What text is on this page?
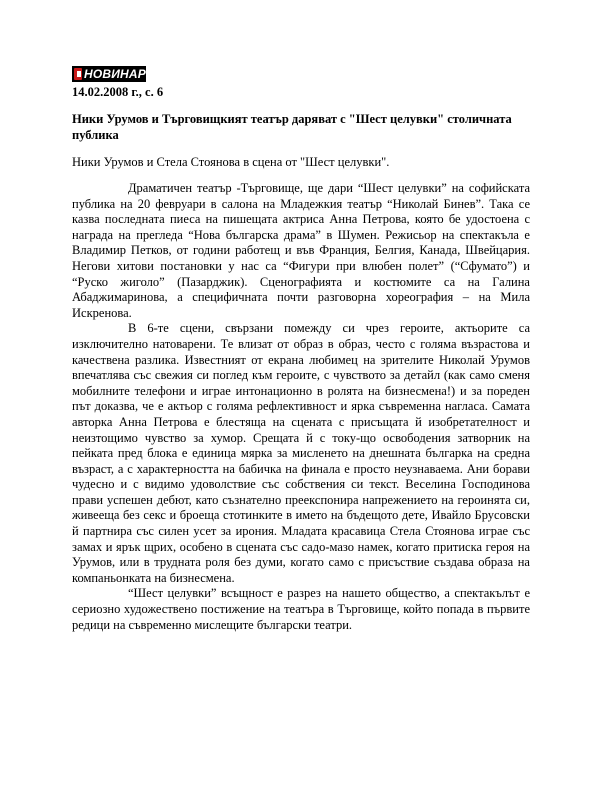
НОВИНАР
14.02.2008 г., с. 6
Ники Урумов и Търговищкият театър даряват с "Шест целувки" столичната публика
Ники Урумов и Стела Стоянова в сцена от "Шест целувки".

Драматичен театър -Търговище, ще дари “Шест целувки” на софийската публика на 20 февруари в салона на Младежкия театър “Николай Бинев”. Така се казва последната пиеса на пишещата актриса Анна Петрова, която бе удостоена с награда на прегледа “Нова българска драма” в Шумен. Режисьор на спектакъла е Владимир Петков, от години работещ и във Франция, Белгия, Канада, Швейцария. Негови хитови постановки у нас са “Фигури при влюбен полет” (“Сфумато”) и “Руско жиголо” (Пазарджик). Сценографията и костюмите са на Галина Абаджимаринова, а специфичната почти разговорна хореография – на Мила Искренова.

В 6-те сцени, свързани помежду си чрез героите, актьорите са изключително натоварени. Те влизат от образ в образ, често с голяма възрастова и качествена разлика. Известният от екрана любимец на зрителите Николай Урумов впечатлява със свежия си поглед към героите, с чувството за детайл (как само сменя мобилните телефони и играе интонационно в ролята на бизнесмена!) и за пореден път доказва, че е актьор с голяма рефлективност и ярка съвременна нагласа. Самата авторка Анна Петрова е блестяща на сцената с присъщата й изобретателност и неизтощимо чувство за хумор. Срещата й с току-що освободения затворник на пейката пред блока е единица мярка за мисленето на днешната българка на средна възраст, а с характерността на бабичка на финала е просто неузнаваема. Ани борави чудесно и с видимо удоволствие със собствения си текст. Веселина Господинова прави успешен дебют, като съзнателно преекспонира напрежението на героинята си, живееща без секс и броеща стотинките в името на бъдещото дете, Ивайло Брусовски й партнира със силен усет за ирония. Младата красавица Стела Стоянова играе със замах и ярък щрих, особено в сцената със садо-мазо намек, когато притиска героя на Урумов, или в трудната роля без думи, когато само с присъствие създава образа на компаньонката на бизнесмена.

“Шест целувки” всъщност е разрез на нашето общество, а спектакълът е сериозно художествено постижение на театъра в Търговище, който попада в първите редици на съвременно мислещите български театри.
